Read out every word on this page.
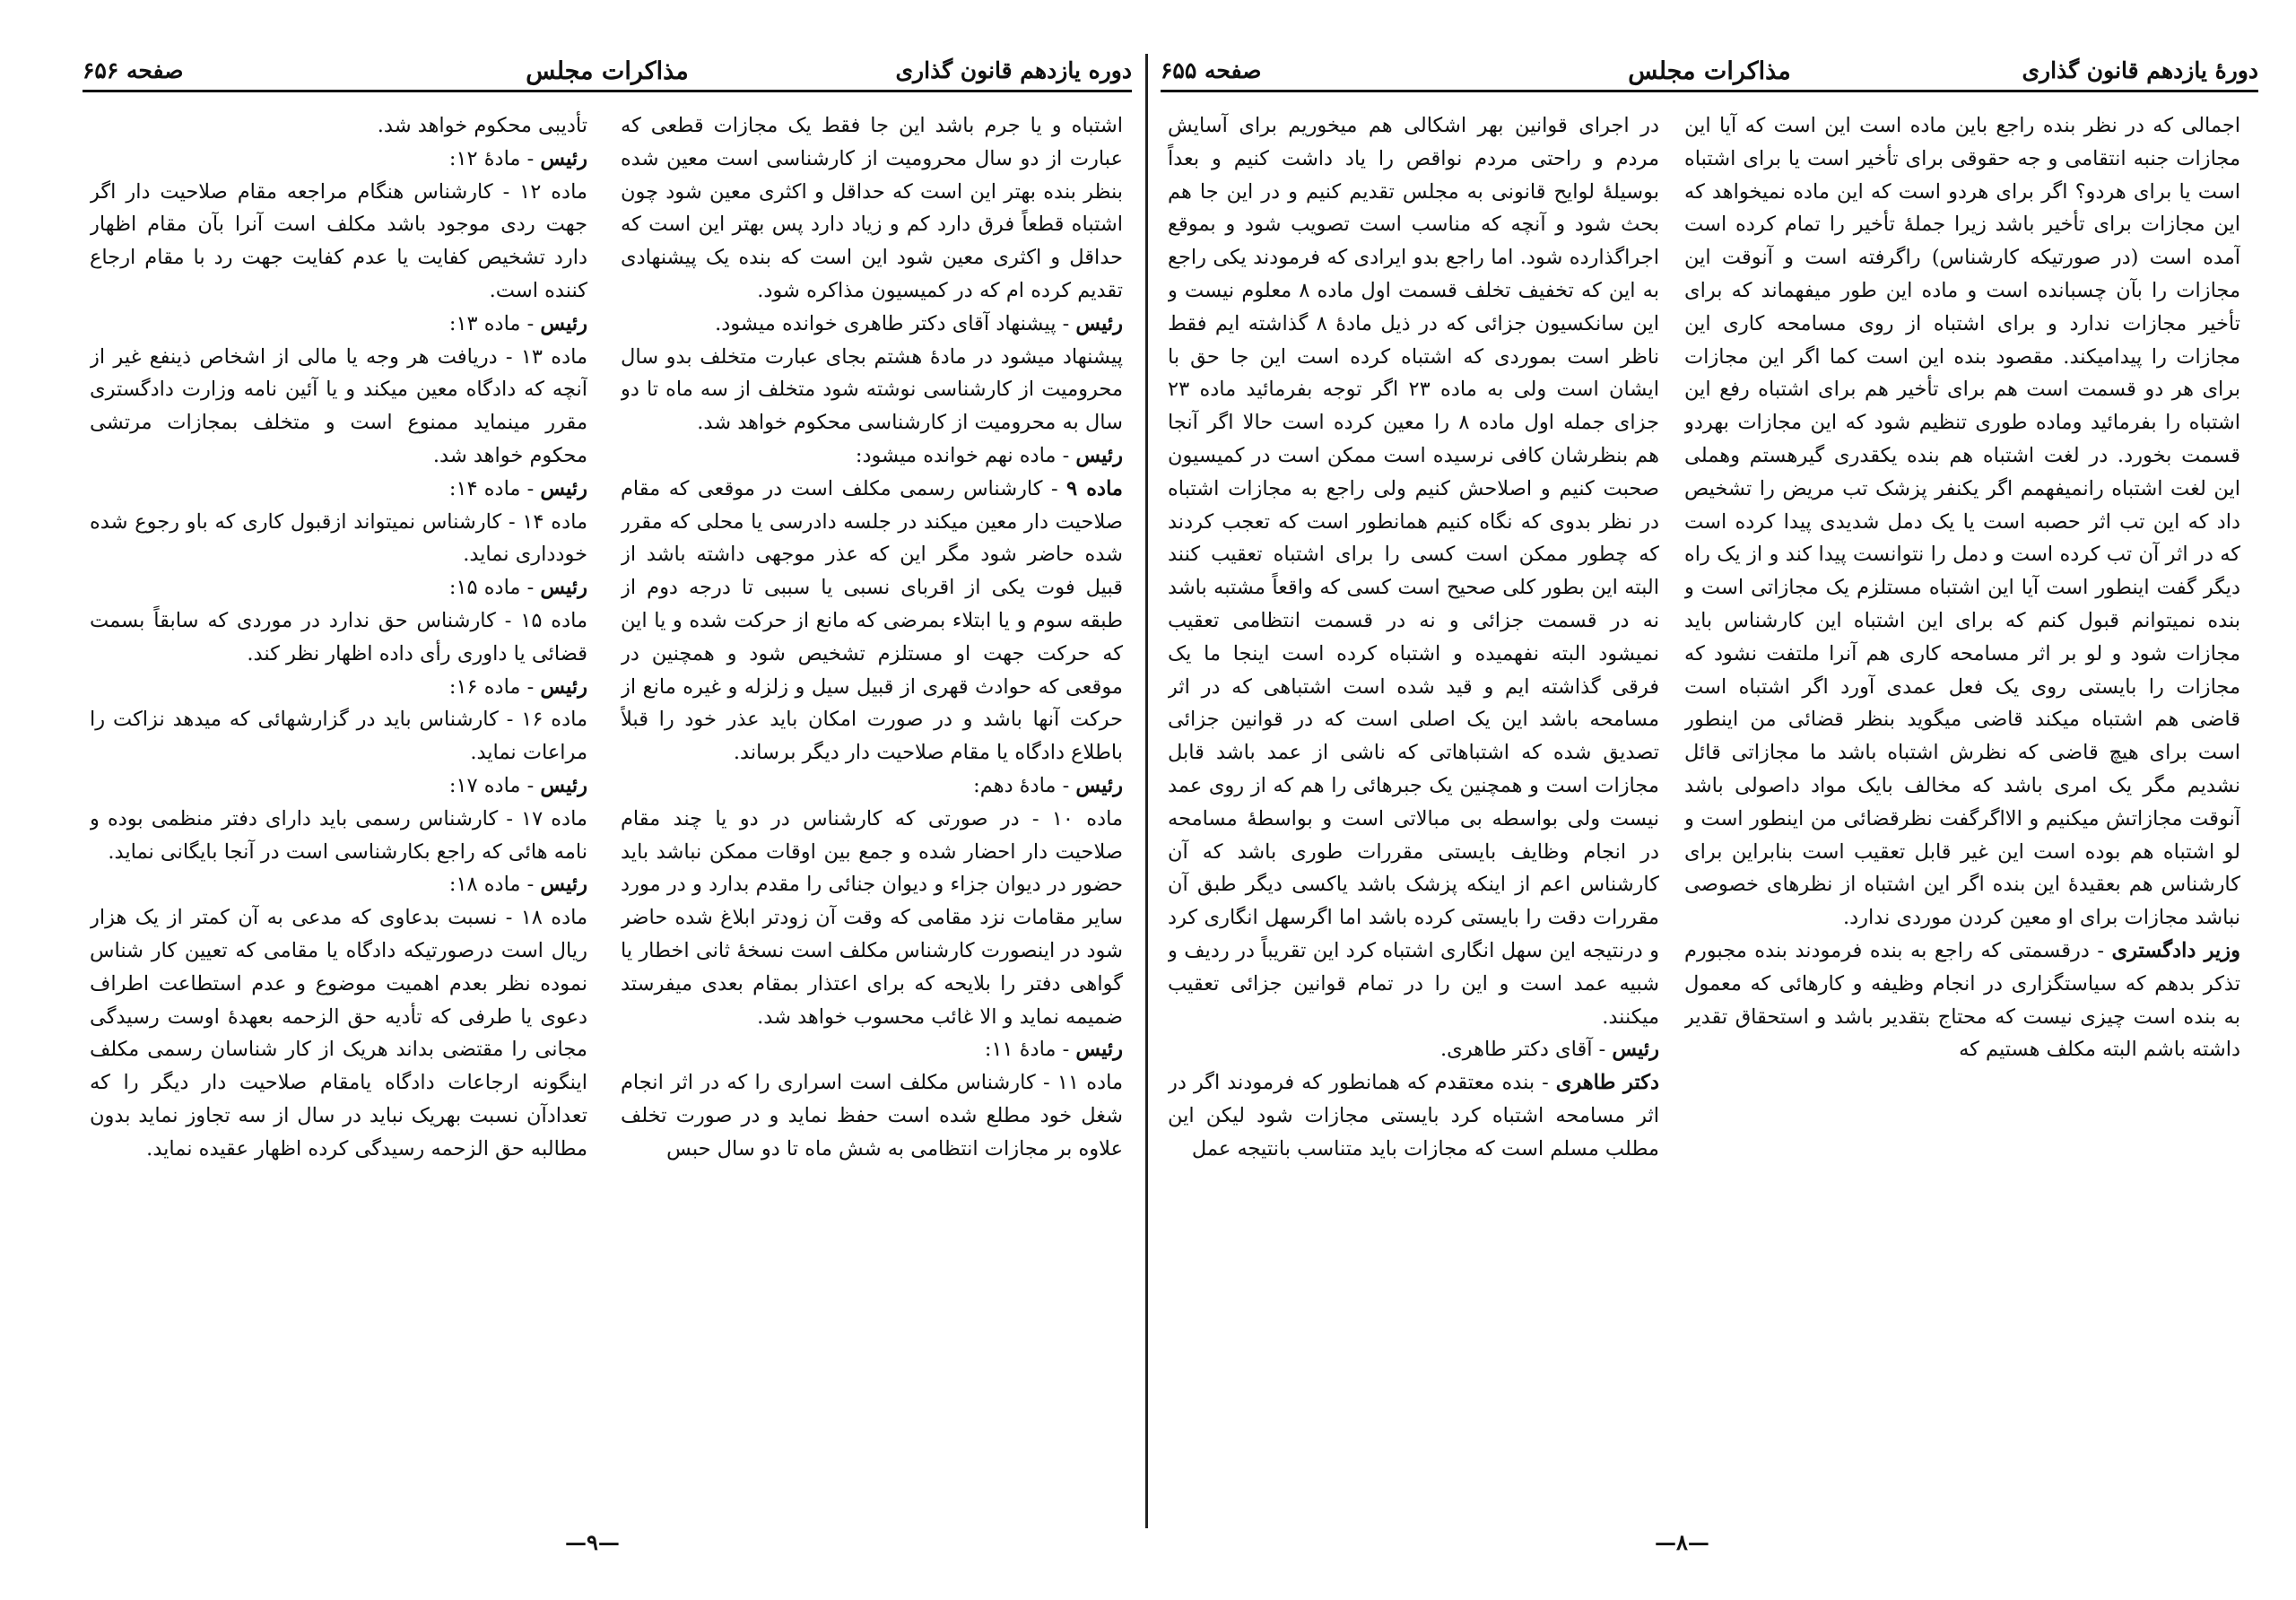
دوره یازدهم قانون گذاری
مذاکرات مجلس
صفحه ۶۵۶

اشتباه و یا جرم باشد این جا فقط یک مجازات قطعی که عبارت از دو سال محرومیت از کارشناسی است معین شده بنظر بنده بهتر این است که حداقل و اکثری معین شود چون اشتباه قطعاً فرق دارد کم و زیاد دارد پس بهتر این است که حداقل و اکثری معین شود این است که بنده یک پیشنهادی تقدیم کرده ام که در کمیسیون مذاکره شود.

رئیس - پیشنهاد آقای دکتر طاهری خوانده میشود.

پیشنهاد میشود در مادهٔ هشتم بجای عبارت متخلف بدو سال محرومیت از کارشناسی نوشته شود متخلف از سه ماه تا دو سال به محرومیت از کارشناسی محکوم خواهد شد.

رئیس - ماده نهم خوانده میشود:

ماده ۹ - کارشناس رسمی مکلف است در موقعی که مقام صلاحیت دار معین میکند در جلسه دادرسی یا محلی که مقرر شده حاضر شود مگر این که عذر موجهی داشته باشد از قبیل فوت یکی از اقربای نسبی یا سببی تا درجه دوم از طبقه سوم و یا ابتلاء بمرضی که مانع از حرکت شده و یا این که حرکت جهت او مستلزم تشخیص شود و همچنین در موقعی که حوادث قهری از قبیل سیل و زلزله و غیره مانع از حرکت آنها باشد و در صورت امکان باید عذر خود را قبلاً باطلاع دادگاه یا مقام صلاحیت دار دیگر برساند.

رئیس - مادهٔ دهم:

ماده ۱۰ - در صورتی که کارشناس در دو یا چند مقام صلاحیت دار احضار شده و جمع بین اوقات ممکن نباشد باید حضور در دیوان جزاء و دیوان جنائی را مقدم بدارد و در مورد سایر مقامات نزد مقامی که وقت آن زودتر ابلاغ شده حاضر شود در اینصورت کارشناس مکلف است نسخهٔ ثانی اخطار یا گواهی دفتر را بلایحه که برای اعتذار بمقام بعدی میفرستد ضمیمه نماید و الا غائب محسوب خواهد شد.

رئیس - مادهٔ ۱۱:

ماده ۱۱ - کارشناس مکلف است اسراری را که در اثر انجام شغل خود مطلع شده است حفظ نماید و در صورت تخلف علاوه بر مجازات انتظامی به شش ماه تا دو سال حبس

تأدیبی محکوم خواهد شد.

رئیس - مادهٔ ۱۲:

ماده ۱۲ - کارشناس هنگام مراجعه مقام صلاحیت دار اگر جهت ردی موجود باشد مکلف است آنرا بآن مقام اظهار دارد تشخیص کفایت یا عدم کفایت جهت رد با مقام ارجاع کننده است.

رئیس - ماده ۱۳:

ماده ۱۳ - دریافت هر وجه یا مالی از اشخاص ذینفع غیر از آنچه که دادگاه معین میکند و یا آئین نامه وزارت دادگستری مقرر مینماید ممنوع است و متخلف بمجازات مرتشی محکوم خواهد شد.

رئیس - ماده ۱۴:

ماده ۱۴ - کارشناس نمیتواند ازقبول کاری که باو رجوع شده خودداری نماید.

رئیس - ماده ۱۵:

ماده ۱۵ - کارشناس حق ندارد در موردی که سابقاً بسمت قضائی یا داوری رأی داده اظهار نظر کند.

رئیس - ماده ۱۶:

ماده ۱۶ - کارشناس باید در گزارشهائی که میدهد نزاکت را مراعات نماید.

رئیس - ماده ۱۷:

ماده ۱۷ - کارشناس رسمی باید دارای دفتر منظمی بوده و نامه هائی که راجع بکارشناسی است در آنجا بایگانی نماید.

رئیس - ماده ۱۸:

ماده ۱۸ - نسبت بدعاوی که مدعی به آن کمتر از یک هزار ریال است درصورتیکه دادگاه یا مقامی که تعیین کار شناس نموده نظر بعدم اهمیت موضوع و عدم استطاعت اطراف دعوی یا طرفی که تأدیه حق الزحمه بعهدهٔ اوست رسیدگی مجانی را مقتضی بداند هریک از کار شناسان رسمی مکلف اینگونه ارجاعات دادگاه یامقام صلاحیت دار دیگر را که تعدادآن نسبت بهریک نباید در سال از سه تجاوز نماید بدون مطالبه حق الزحمه رسیدگی کرده اظهار عقیده نماید.

—۹—
دورهٔ یازدهم قانون گذاری
مذاکرات مجلس
صفحه ۶۵۵

اجمالی که در نظر بنده راجع باین ماده است این است که آیا این مجازات جنبه انتقامی و جه حقوقی برای تأخیر است یا برای اشتباه است یا برای هردو؟ اگر برای هردو است که این ماده نمیخواهد که این مجازات برای تأخیر باشد زیرا جملهٔ تأخیر را تمام کرده است آمده است (در صورتیکه کارشناس) راگرفته است و آنوقت این مجازات را بآن چسبانده است و ماده این طور میفهماند که برای تأخیر مجازات ندارد و برای اشتباه از روی مسامحه کاری این مجازات را پیدامیکند. مقصود بنده این است کما اگر این مجازات برای هر دو قسمت است هم برای تأخیر هم برای اشتباه رفع این اشتباه را بفرمائید وماده طوری تنظیم شود که این مجازات بهردو قسمت بخورد. در لغت اشتباه هم بنده یکقدری گیرهستم وهملی این لغت اشتباه رانمیفهمم اگر یکنفر پزشک تب مریض را تشخیص داد که این تب اثر حصبه است یا یک دمل شدیدی پیدا کرده است که در اثر آن تب کرده است و دمل را نتوانست پیدا کند و از یک راه دیگر گفت اینطور است آیا این اشتباه مستلزم یک مجازاتی است و بنده نمیتوانم قبول کنم که برای این اشتباه این کارشناس باید مجازات شود و لو بر اثر مسامحه کاری هم آنرا ملتفت نشود که مجازات را بایستی روی یک فعل عمدی آورد اگر اشتباه است قاضی هم اشتباه میکند قاضی میگوید بنظر قضائی من اینطور است برای هیچ قاضی که نظرش اشتباه باشد ما مجازاتی قائل نشدیم مگر یک امری باشد که مخالف بایک مواد داصولی باشد آنوقت مجازاتش میکنیم و الااگرگفت نظرقضائی من اینطور است و لو اشتباه هم بوده است این غیر قابل تعقیب است بنابراین برای کارشناس هم بعقیدهٔ این بنده اگر این اشتباه از نظرهای خصوصی نباشد مجازات برای او معین کردن موردی ندارد.

وزیر دادگستری - درقسمتی که راجع به بنده فرمودند بنده مجبورم تذکر بدهم که سیاستگزاری در انجام وظیفه و کارهائی که معمول به بنده است چیزی نیست که محتاج بتقدیر باشد و استحقاق تقدیر داشته باشم البته مکلف هستیم که

در اجرای قوانین بهر اشکالی هم میخوریم برای آسایش مردم و راحتی مردم نواقص را یاد داشت کنیم و بعداً بوسیلهٔ لوایح قانونی به مجلس تقدیم کنیم و در این جا هم بحث شود و آنچه که مناسب است تصویب شود و بموقع اجراگذارده شود. اما راجع بدو ایرادی که فرمودند یکی راجع به این که تخفیف تخلف قسمت اول ماده ۸ معلوم نیست و این سانکسیون جزائی که در ذیل مادهٔ ۸ گذاشته ایم فقط ناظر است بموردی که اشتباه کرده است این جا حق با ایشان است ولی به ماده ۲۳ اگر توجه بفرمائید ماده ۲۳ جزای جمله اول ماده ۸ را معین کرده است حالا اگر آنجا هم بنظرشان کافی نرسیده است ممکن است در کمیسیون صحبت کنیم و اصلاحش کنیم ولی راجع به مجازات اشتباه در نظر بدوی که نگاه کنیم همانطور است که تعجب کردند که چطور ممکن است کسی را برای اشتباه تعقیب کنند البته این بطور کلی صحیح است کسی که واقعاً مشتبه باشد نه در قسمت جزائی و نه در قسمت انتظامی تعقیب نمیشود البته نفهمیده و اشتباه کرده است اینجا ما یک فرقی گذاشته ایم و قید شده است اشتباهی که در اثر مسامحه باشد این یک اصلی است که در قوانین جزائی تصدیق شده که اشتباهاتی که ناشی از عمد باشد قابل مجازات است و همچنین یک جبرهائی را هم که از روی عمد نیست ولی بواسطه بی مبالاتی است و بواسطهٔ مسامحه در انجام وظایف بایستی مقررات طوری باشد که آن کارشناس اعم از اینکه پزشک باشد یاکسی دیگر طبق آن مقررات دقت را بایستی کرده باشد اما اگرسهل انگاری کرد و درنتیجه این سهل انگاری اشتباه کرد این تقریباً در ردیف و شبیه عمد است و این را در تمام قوانین جزائی تعقیب میکنند.

رئیس - آقای دکتر طاهری.

دکتر طاهری - بنده معتقدم که همانطور که فرمودند اگر در اثر مسامحه اشتباه کرد بایستی مجازات شود لیکن این مطلب مسلم است که مجازات باید متناسب بانتیجه عمل

—۸—
